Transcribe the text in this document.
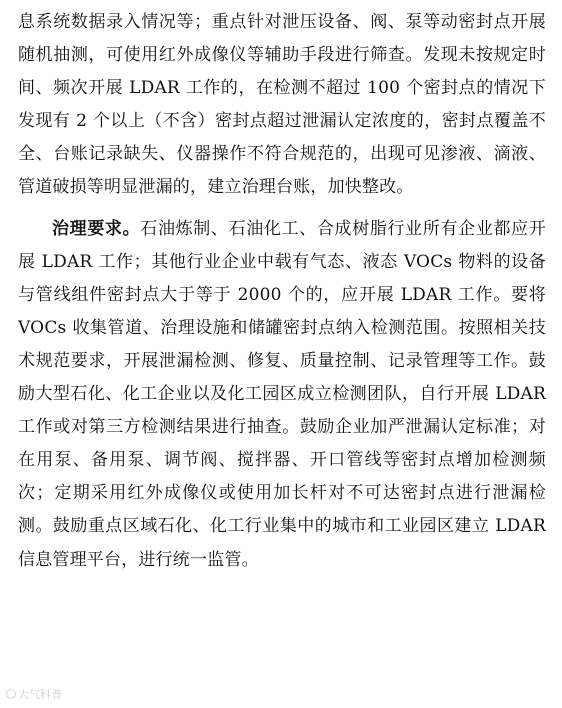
息系统数据录入情况等；重点针对泄压设备、阀、泵等动密封点开展随机抽测，可使用红外成像仪等辅助手段进行筛查。发现未按规定时间、频次开展 LDAR 工作的，在检测不超过 100 个密封点的情况下发现有 2 个以上（不含）密封点超过泄漏认定浓度的，密封点覆盖不全、台账记录缺失、仪器操作不符合规范的，出现可见渗液、滴液、管道破损等明显泄漏的，建立治理台账，加快整改。

治理要求。石油炼制、石油化工、合成树脂行业所有企业都应开展 LDAR 工作；其他行业企业中载有气态、液态 VOCs 物料的设备与管线组件密封点大于等于 2000 个的，应开展 LDAR 工作。要将 VOCs 收集管道、治理设施和储罐密封点纳入检测范围。按照相关技术规范要求，开展泄漏检测、修复、质量控制、记录管理等工作。鼓励大型石化、化工企业以及化工园区成立检测团队，自行开展 LDAR 工作或对第三方检测结果进行抽查。鼓励企业加严泄漏认定标准；对在用泵、备用泵、调节阀、搅拌器、开口管线等密封点增加检测频次；定期采用红外成像仪或使用加长杆对不可达密封点进行泄漏检测。鼓励重点区域石化、化工行业集中的城市和工业园区建立 LDAR 信息管理平台，进行统一监管。

大气科普
